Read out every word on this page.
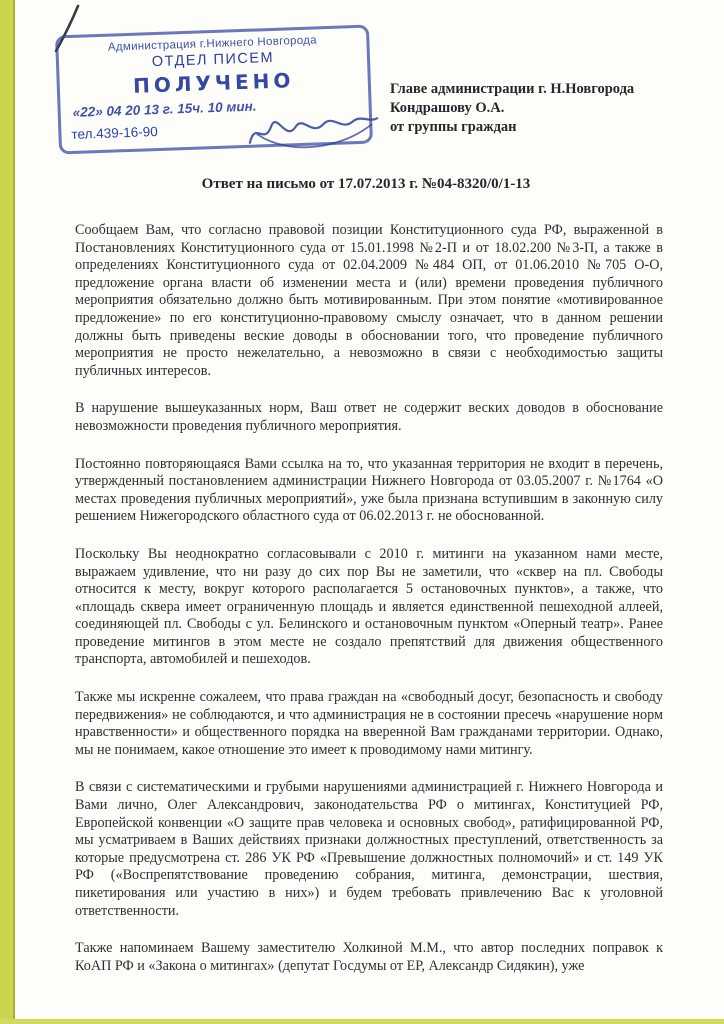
Администрация г.Нижнего Новгорода
ОТДЕЛ ПИСЕМ
ПОЛУЧЕНО
«22» 04 20 13 г. 15ч. 10 мин.
тел.439-16-90
Главе администрации г. Н.Новгорода
Кондрашову О.А.
от группы граждан
Ответ на письмо от 17.07.2013 г. №04-8320/0/1-13

Сообщаем Вам, что согласно правовой позиции Конституционного суда РФ, выраженной в Постановлениях Конституционного суда от 15.01.1998 №2-П и от 18.02.200 №3-П, а также в определениях Конституционного суда от 02.04.2009 №484 ОП, от 01.06.2010 №705 О-О, предложение органа власти об изменении места и (или) времени проведения публичного мероприятия обязательно должно быть мотивированным. При этом понятие «мотивированное предложение» по его конституционно-правовому смыслу означает, что в данном решении должны быть приведены веские доводы в обосновании того, что проведение публичного мероприятия не просто нежелательно, а невозможно в связи с необходимостью защиты публичных интересов.

В нарушение вышеуказанных норм, Ваш ответ не содержит веских доводов в обоснование невозможности проведения публичного мероприятия.

Постоянно повторяющаяся Вами ссылка на то, что указанная территория не входит в перечень, утвержденный постановлением администрации Нижнего Новгорода от 03.05.2007 г. №1764 «О местах проведения публичных мероприятий», уже была признана вступившим в законную силу решением Нижегородского областного суда от 06.02.2013 г. не обоснованной.

Поскольку Вы неоднократно согласовывали с 2010 г. митинги на указанном нами месте, выражаем удивление, что ни разу до сих пор Вы не заметили, что «сквер на пл. Свободы относится к месту, вокруг которого располагается 5 остановочных пунктов», а также, что «площадь сквера имеет ограниченную площадь и является единственной пешеходной аллеей, соединяющей пл. Свободы с ул. Белинского и остановочным пунктом «Оперный театр». Ранее проведение митингов в этом месте не создало препятствий для движения общественного транспорта, автомобилей и пешеходов.

Также мы искренне сожалеем, что права граждан на «свободный досуг, безопасность и свободу передвижения» не соблюдаются, и что администрация не в состоянии пресечь «нарушение норм нравственности» и общественного порядка на вверенной Вам гражданами территории. Однако, мы не понимаем, какое отношение это имеет к проводимому нами митингу.

В связи с систематическими и грубыми нарушениями администрацией г. Нижнего Новгорода и Вами лично, Олег Александрович, законодательства РФ о митингах, Конституцией РФ, Европейской конвенции «О защите прав человека и основных свобод», ратифицированной РФ, мы усматриваем в Ваших действиях признаки должностных преступлений, ответственность за которые предусмотрена ст. 286 УК РФ «Превышение должностных полномочий» и ст. 149 УК РФ («Воспрепятствование проведению собрания, митинга, демонстрации, шествия, пикетирования или участию в них») и будем требовать привлечению Вас к уголовной ответственности.

Также напоминаем Вашему заместителю Холкиной М.М., что автор последних поправок к КоАП РФ и «Закона о митингах» (депутат Госдумы от ЕР, Александр Сидякин), уже
